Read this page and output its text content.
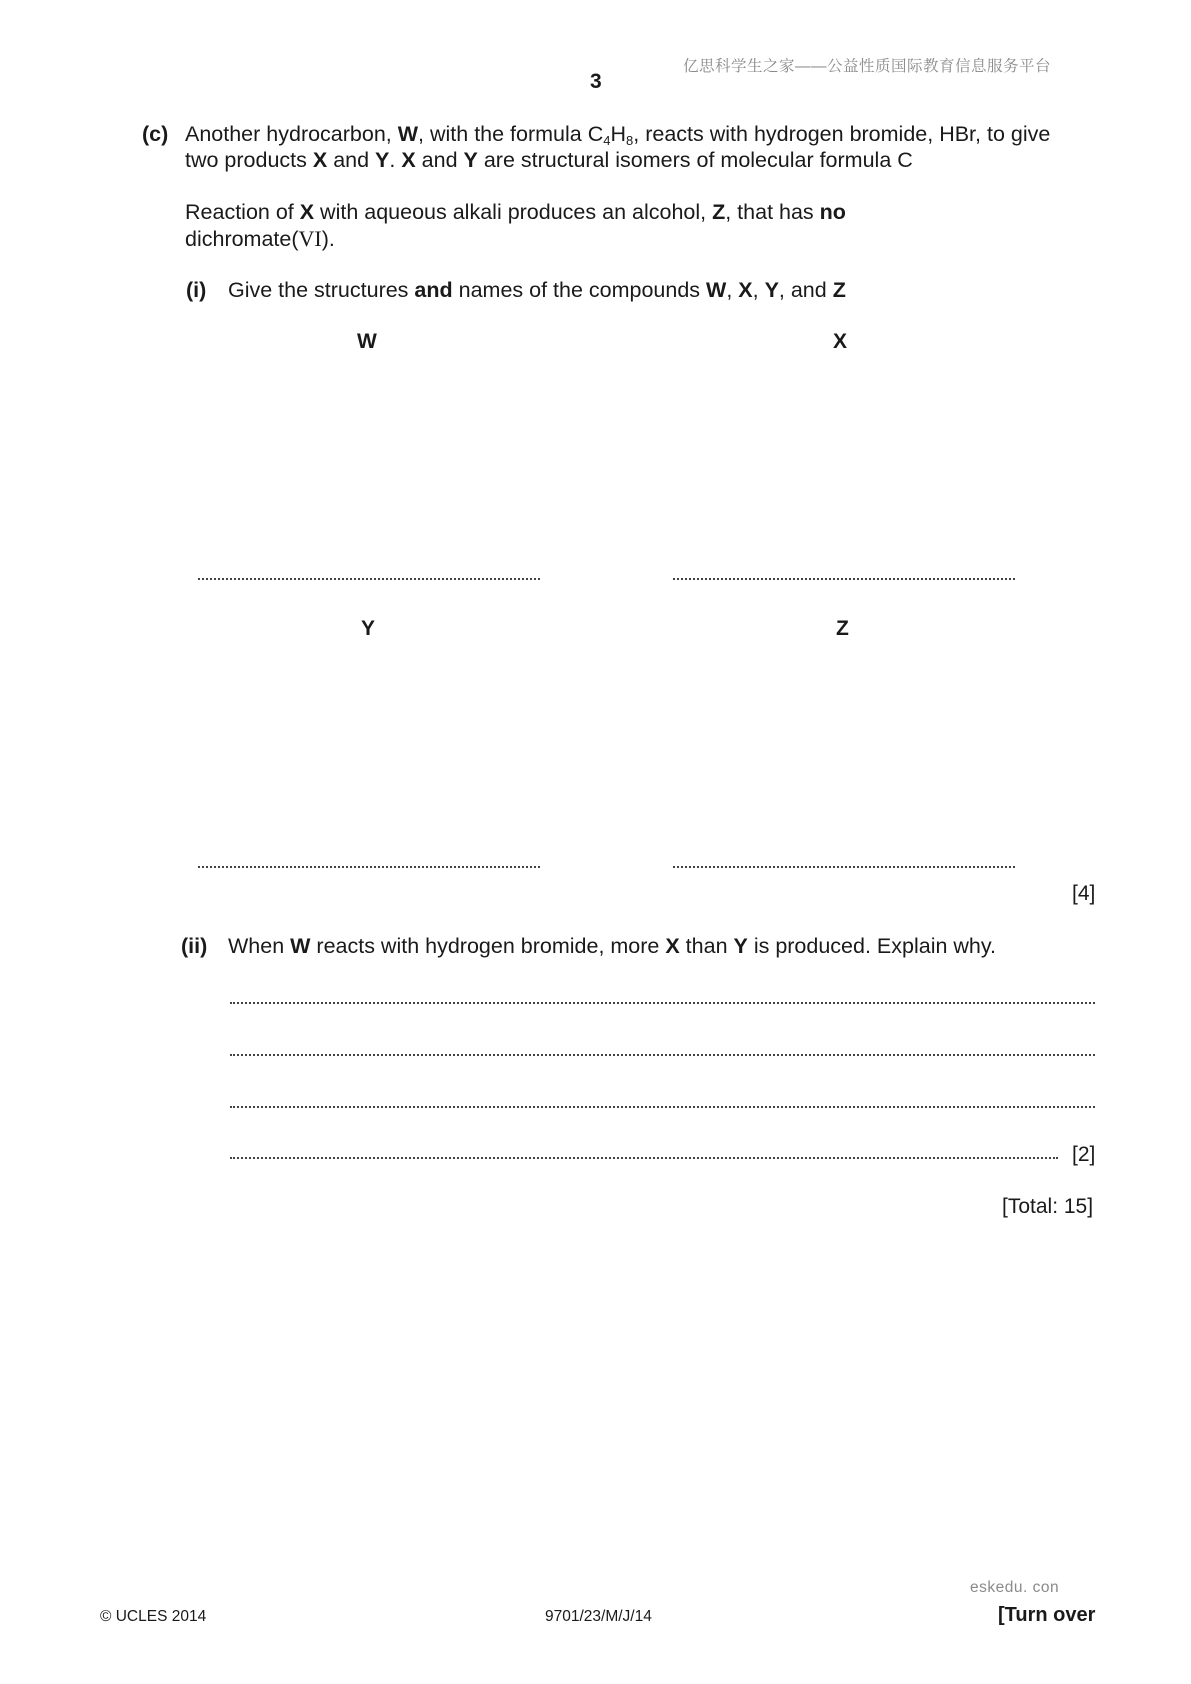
亿思科学生之家——公益性质国际教育信息服务平台
3
(c) Another hydrocarbon, W, with the formula $C_4H_8$, reacts with hydrogen bromide, HBr, to give
two products X and Y. X and Y are structural isomers of molecular formula C
Reaction of X with aqueous alkali produces an alcohol, Z, that has no
dichromate(VI).
(i) Give the structures and names of the compounds W, X, Y, and Z
W	X
Y	Z
[4]
(ii) When W reacts with hydrogen bromide, more X than Y is produced. Explain why.
[2]
[Total: 15]
eskedu. con
© UCLES 2014	9701/23/M/J/14	[Turn over
